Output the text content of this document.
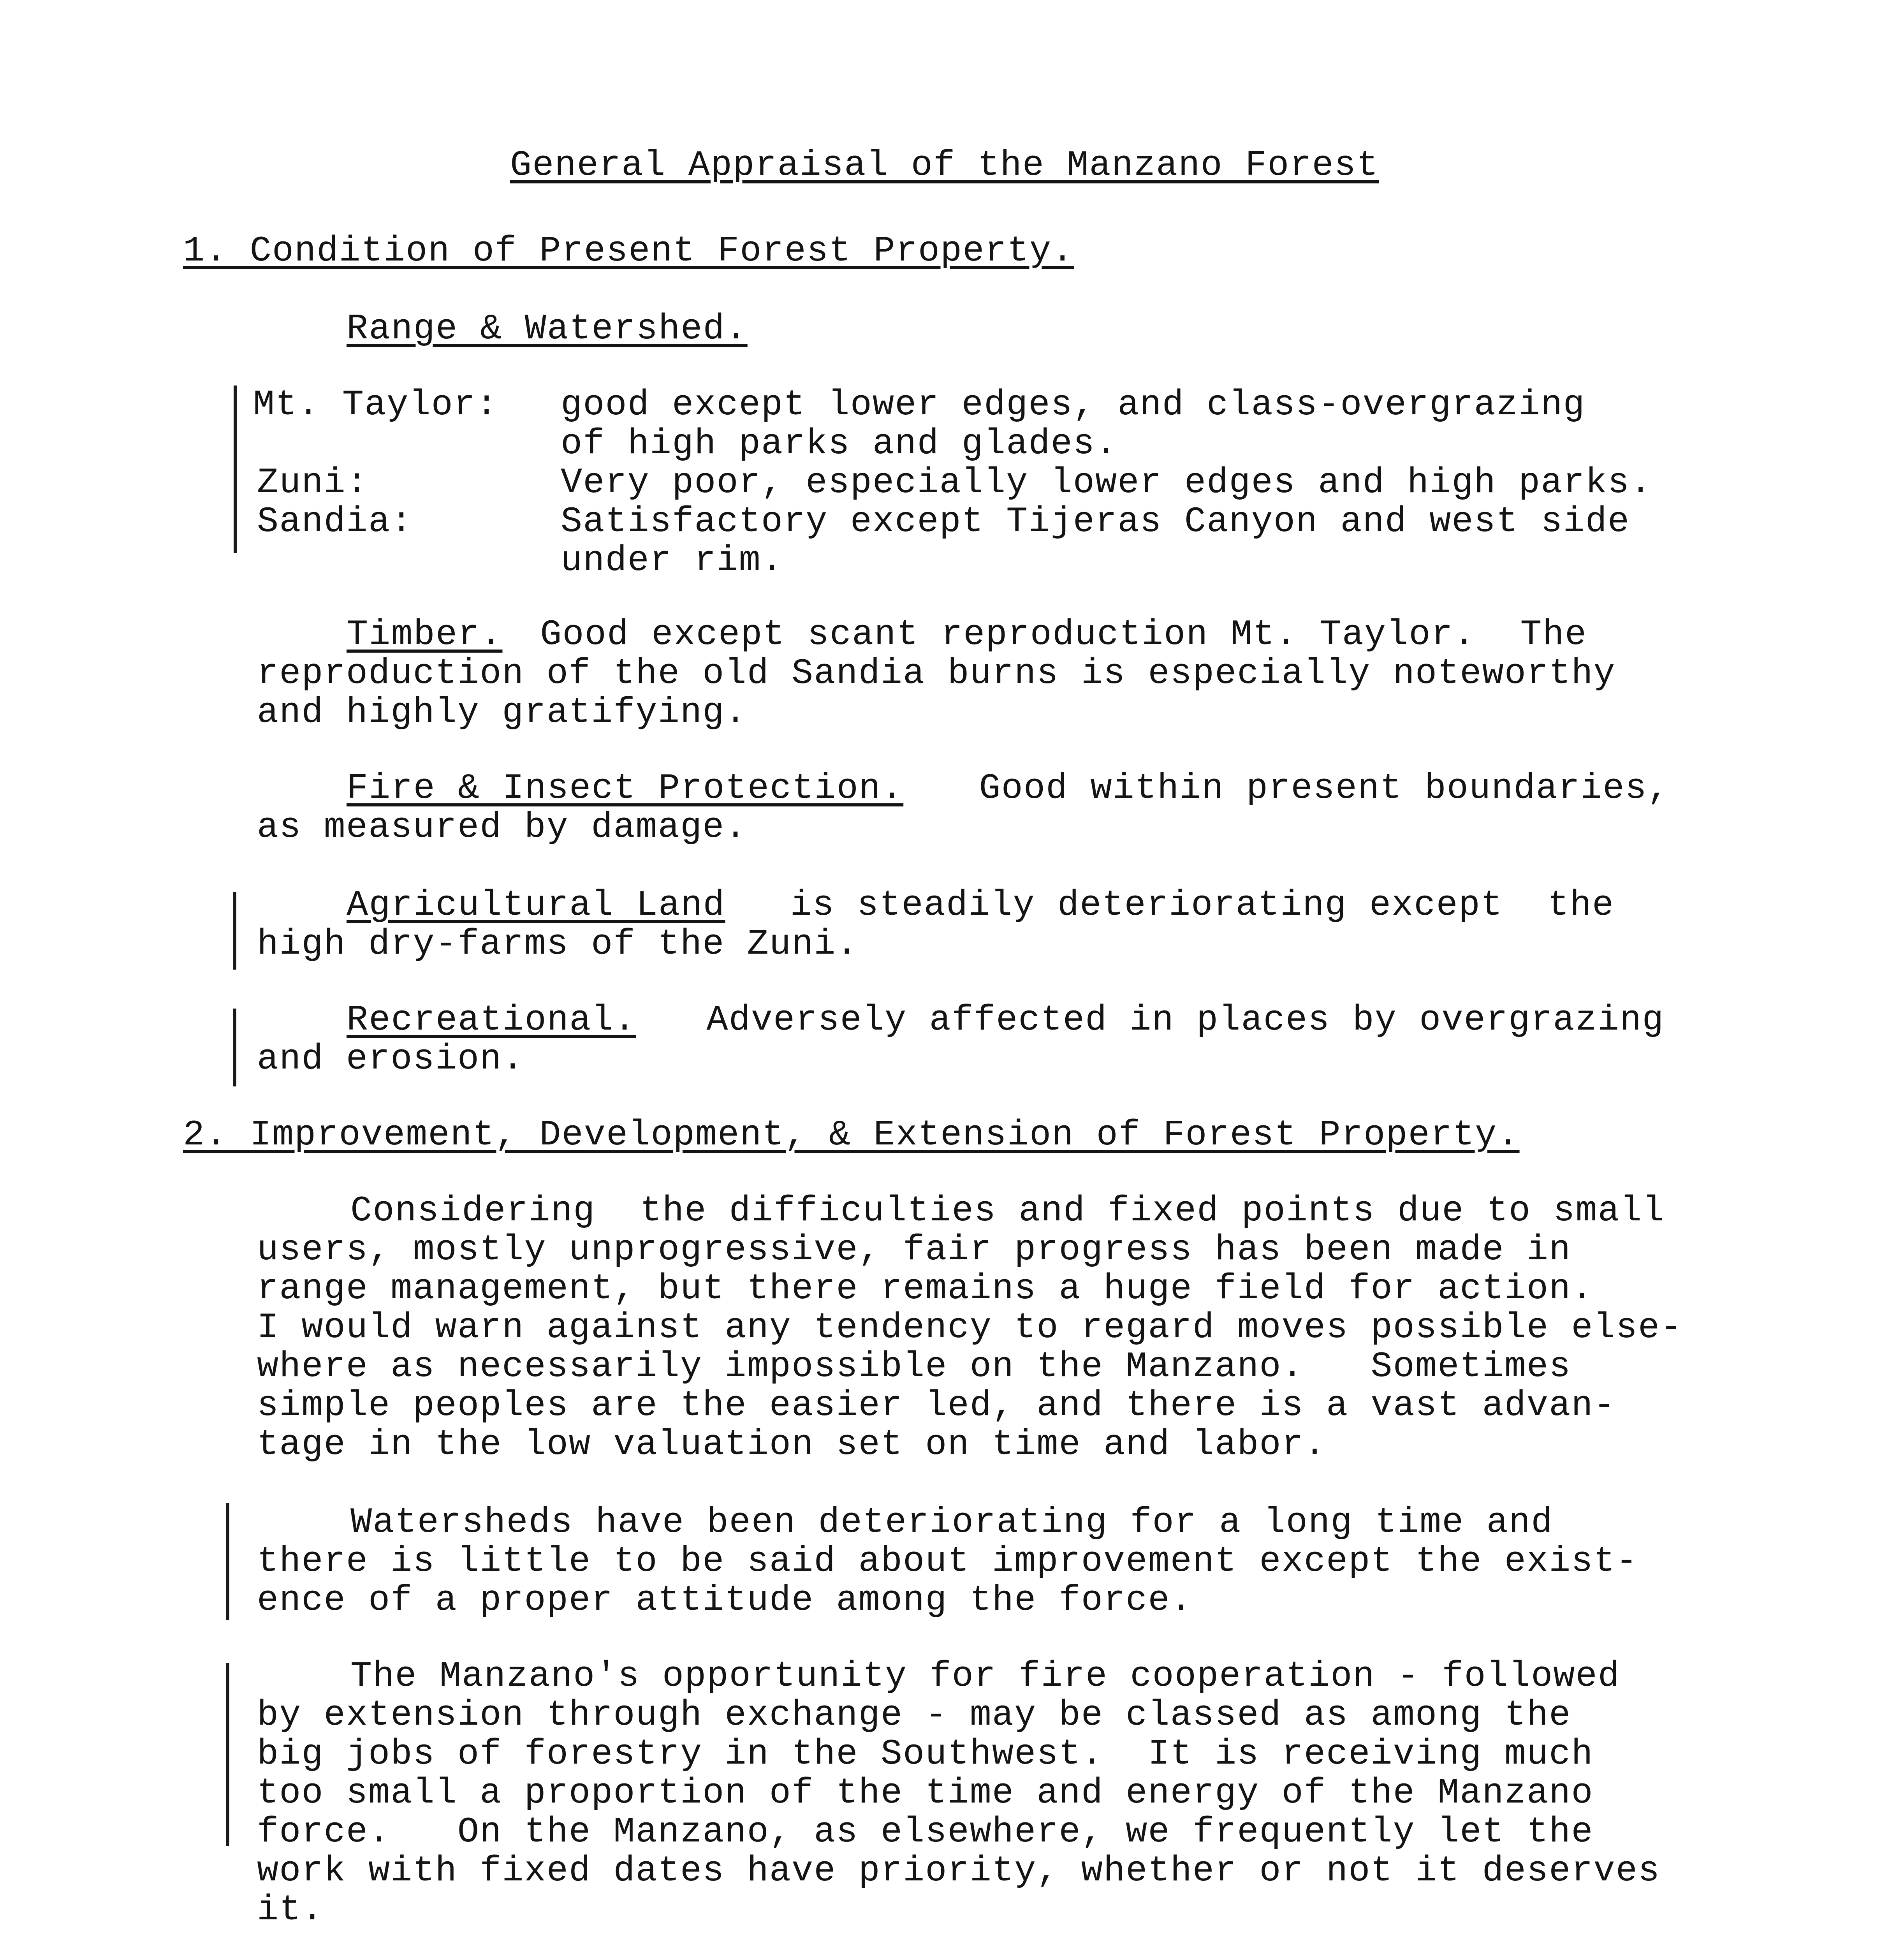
General Appraisal of the Manzano Forest
1. Condition of Present Forest Property.
Range & Watershed.
Mt. Taylor: good except lower edges, and class-overgrazing
of high parks and glades.
Zuni:	Very poor, especially lower edges and high parks.
Sandia:	Satisfactory except Tijeras Canyon and west side
under rim.
Timber. Good except scant reproduction Mt. Taylor.  The
reproduction of the old Sandia burns is especially noteworthy
and highly gratifying.
Fire & Insect Protection. Good within present boundaries,
as measured by damage.
Agricultural Land is steadily deteriorating except  the
high dry-farms of the Zuni.
Recreational. Adversely affected in places by overgrazing
and erosion.
2. Improvement, Development, & Extension of Forest Property.
Considering  the difficulties and fixed points due to small
users, mostly unprogressive, fair progress has been made in
range management, but there remains a huge field for action.
I would warn against any tendency to regard moves possible else-
where as necessarily impossible on the Manzano.   Sometimes
simple peoples are the easier led, and there is a vast advan-
tage in the low valuation set on time and labor.
Watersheds have been deteriorating for a long time and
there is little to be said about improvement except the exist-
ence of a proper attitude among the force.
The Manzano's opportunity for fire cooperation - followed
by extension through exchange - may be classed as among the
big jobs of forestry in the Southwest.  It is receiving much
too small a proportion of the time and energy of the Manzano
force.   On the Manzano, as elsewhere, we frequently let the
work with fixed dates have priority, whether or not it deserves
it.
